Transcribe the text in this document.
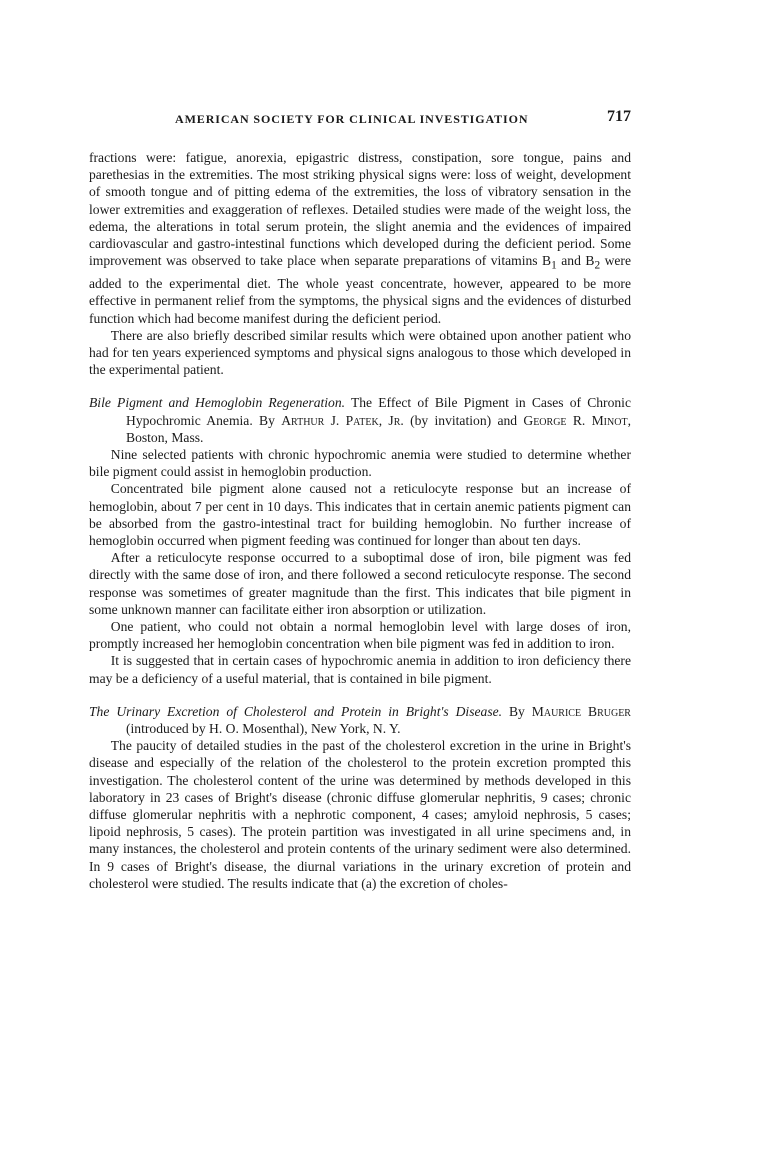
AMERICAN SOCIETY FOR CLINICAL INVESTIGATION	717

fractions were: fatigue, anorexia, epigastric distress, constipation, sore tongue, pains and parethesias in the extremities. The most striking physical signs were: loss of weight, development of smooth tongue and of pitting edema of the extremities, the loss of vibratory sensation in the lower extremities and exaggeration of reflexes. Detailed studies were made of the weight loss, the edema, the alterations in total serum protein, the slight anemia and the evidences of impaired cardiovascular and gastro-intestinal functions which developed during the deficient period. Some improvement was observed to take place when separate preparations of vitamins $B_1$ and $B_2$ were added to the experimental diet. The whole yeast concentrate, however, appeared to be more effective in permanent relief from the symptoms, the physical signs and the evidences of disturbed function which had become manifest during the deficient period.

There are also briefly described similar results which were obtained upon another patient who had for ten years experienced symptoms and physical signs analogous to those which developed in the experimental patient.

Bile Pigment and Hemoglobin Regeneration. The Effect of Bile Pigment in Cases of Chronic Hypochromic Anemia. By Arthur J. Patek, Jr. (by invitation) and George R. Minot, Boston, Mass.

Nine selected patients with chronic hypochromic anemia were studied to determine whether bile pigment could assist in hemoglobin production.

Concentrated bile pigment alone caused not a reticulocyte response but an increase of hemoglobin, about 7 per cent in 10 days. This indicates that in certain anemic patients pigment can be absorbed from the gastro-intestinal tract for building hemoglobin. No further increase of hemoglobin occurred when pigment feeding was continued for longer than about ten days.

After a reticulocyte response occurred to a suboptimal dose of iron, bile pigment was fed directly with the same dose of iron, and there followed a second reticulocyte response. The second response was sometimes of greater magnitude than the first. This indicates that bile pigment in some unknown manner can facilitate either iron absorption or utilization.

One patient, who could not obtain a normal hemoglobin level with large doses of iron, promptly increased her hemoglobin concentration when bile pigment was fed in addition to iron.

It is suggested that in certain cases of hypochromic anemia in addition to iron deficiency there may be a deficiency of a useful material, that is contained in bile pigment.

The Urinary Excretion of Cholesterol and Protein in Bright's Disease. By Maurice Bruger (introduced by H. O. Mosenthal), New York, N. Y.

The paucity of detailed studies in the past of the cholesterol excretion in the urine in Bright's disease and especially of the relation of the cholesterol to the protein excretion prompted this investigation. The cholesterol content of the urine was determined by methods developed in this laboratory in 23 cases of Bright's disease (chronic diffuse glomerular nephritis, 9 cases; chronic diffuse glomerular nephritis with a nephrotic component, 4 cases; amyloid nephrosis, 5 cases; lipoid nephrosis, 5 cases). The protein partition was investigated in all urine specimens and, in many instances, the cholesterol and protein contents of the urinary sediment were also determined. In 9 cases of Bright's disease, the diurnal variations in the urinary excretion of protein and cholesterol were studied. The results indicate that (a) the excretion of choles-
